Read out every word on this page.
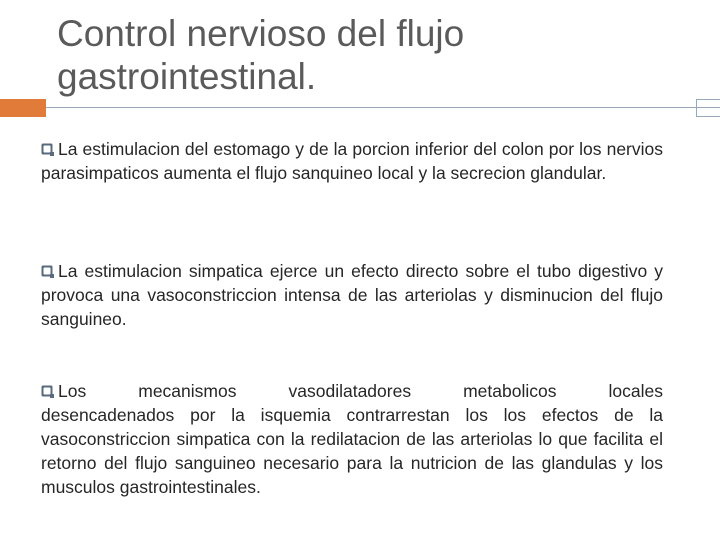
Control nervioso del flujo gastrointestinal.

La estimulacion del estomago y de la porcion inferior del colon por los nervios parasimpaticos aumenta el flujo sanquineo local y la secrecion glandular.

La estimulacion simpatica ejerce un efecto directo sobre el tubo digestivo y provoca una vasoconstriccion intensa de las arteriolas y disminucion del flujo sanguineo.

Los mecanismos vasodilatadores metabolicos locales
desencadenados por la isquemia contrarrestan los los efectos de la vasoconstriccion simpatica con la redilatacion de las arteriolas lo que facilita el retorno del flujo sanguineo necesario para la nutricion de las glandulas y los musculos gastrointestinales.
